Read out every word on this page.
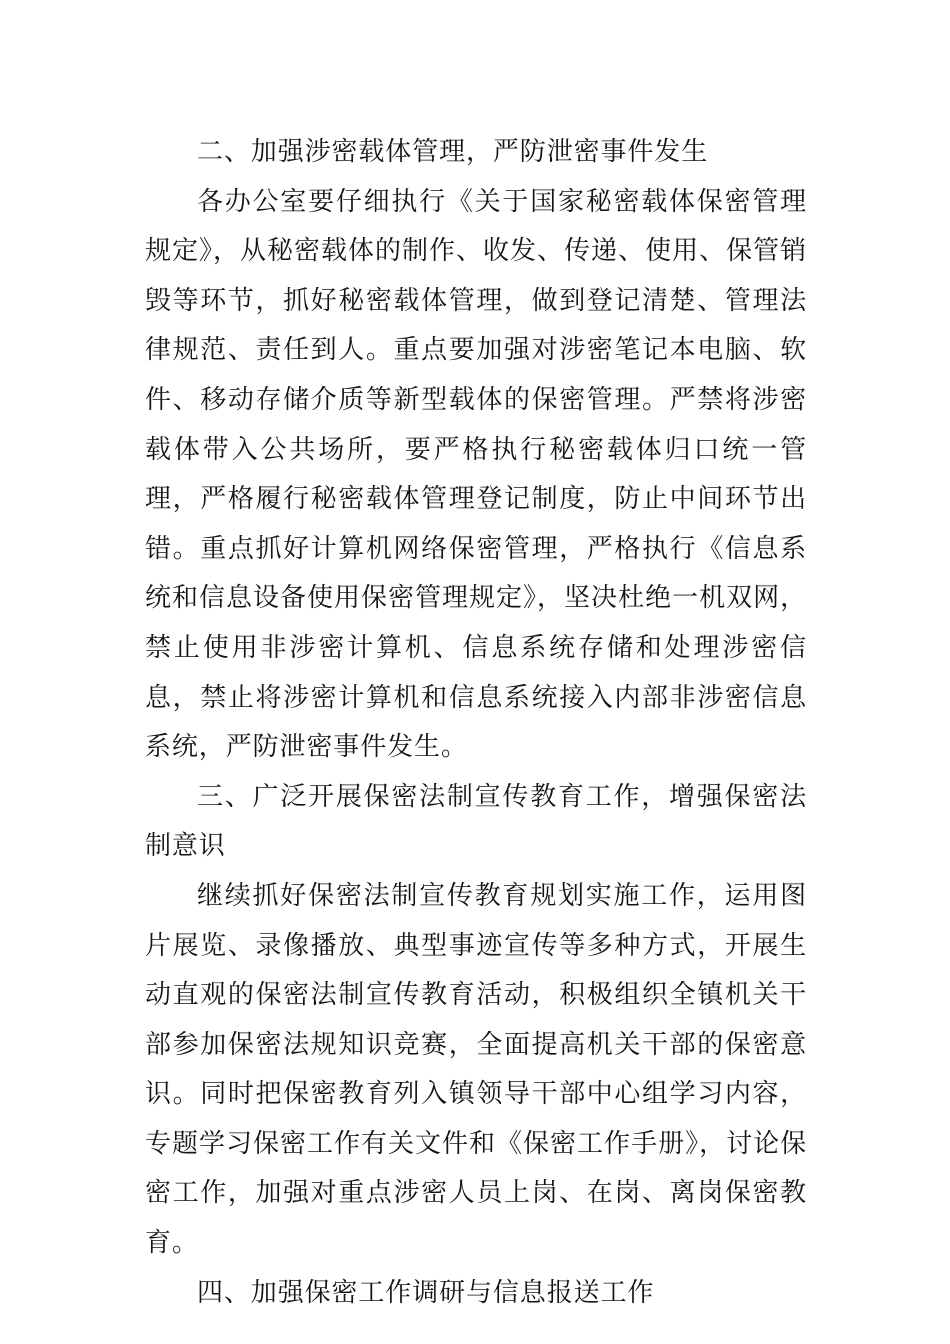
二、加强涉密载体管理，严防泄密事件发生

各办公室要仔细执行《关于国家秘密载体保密管理规定》，从秘密载体的制作、收发、传递、使用、保管销毁等环节，抓好秘密载体管理，做到登记清楚、管理法律规范、责任到人。重点要加强对涉密笔记本电脑、软件、移动存储介质等新型载体的保密管理。严禁将涉密载体带入公共场所，要严格执行秘密载体归口统一管理，严格履行秘密载体管理登记制度，防止中间环节出错。重点抓好计算机网络保密管理，严格执行《信息系统和信息设备使用保密管理规定》，坚决杜绝一机双网，禁止使用非涉密计算机、信息系统存储和处理涉密信息，禁止将涉密计算机和信息系统接入内部非涉密信息系统，严防泄密事件发生。

三、广泛开展保密法制宣传教育工作，增强保密法制意识

继续抓好保密法制宣传教育规划实施工作，运用图片展览、录像播放、典型事迹宣传等多种方式，开展生动直观的保密法制宣传教育活动，积极组织全镇机关干部参加保密法规知识竞赛，全面提高机关干部的保密意识。同时把保密教育列入镇领导干部中心组学习内容，专题学习保密工作有关文件和《保密工作手册》，讨论保密工作，加强对重点涉密人员上岗、在岗、离岗保密教育。

四、加强保密工作调研与信息报送工作
